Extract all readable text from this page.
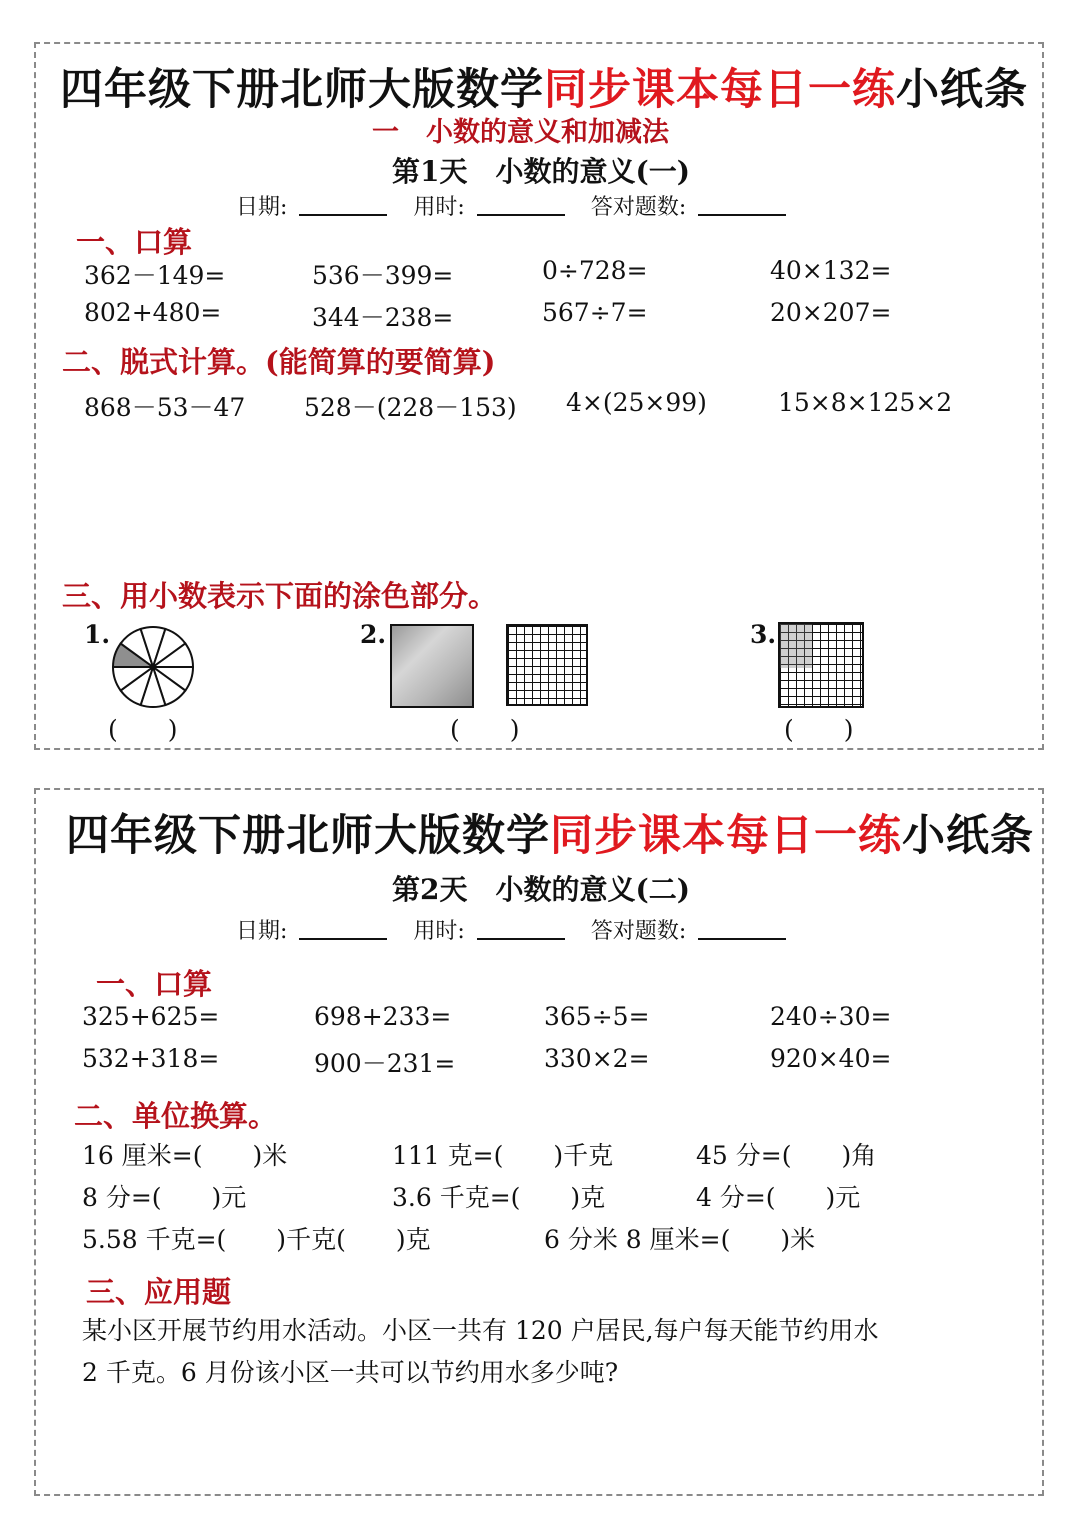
四年级下册北师大版数学同步课本每日一练小纸条
一　小数的意义和加减法
第1天　小数的意义(一)
日期:	用时:	答对题数:
一、口算
362－149=	536－399=	0÷728=	40×132=
802+480=	344－238=	567÷7=	20×207=
二、脱式计算。(能简算的要简算)
868－53－47 528－(228－153) 4×(25×99)	15×8×125×2
三、用小数表示下面的涂色部分。
1.
(　　)
2.
(　　)
3.
(　　)
四年级下册北师大版数学同步课本每日一练小纸条
第2天　小数的意义(二)
日期:	用时:	答对题数:
一、口算
325+625=	698+233=	365÷5=	240÷30=
532+318=	900－231=	330×2=	920×40=
二、单位换算。
16 厘米=(　　)米	111 克=(　　)千克	45 分=(　　)角
8 分=(　　)元	3.6 千克=(　　)克	4 分=(　　)元
5.58 千克=(　　)千克(　　)克	6 分米 8 厘米=(　　)米
三、应用题
某小区开展节约用水活动。小区一共有 120 户居民,每户每天能节约用水
2 千克。6 月份该小区一共可以节约用水多少吨?
